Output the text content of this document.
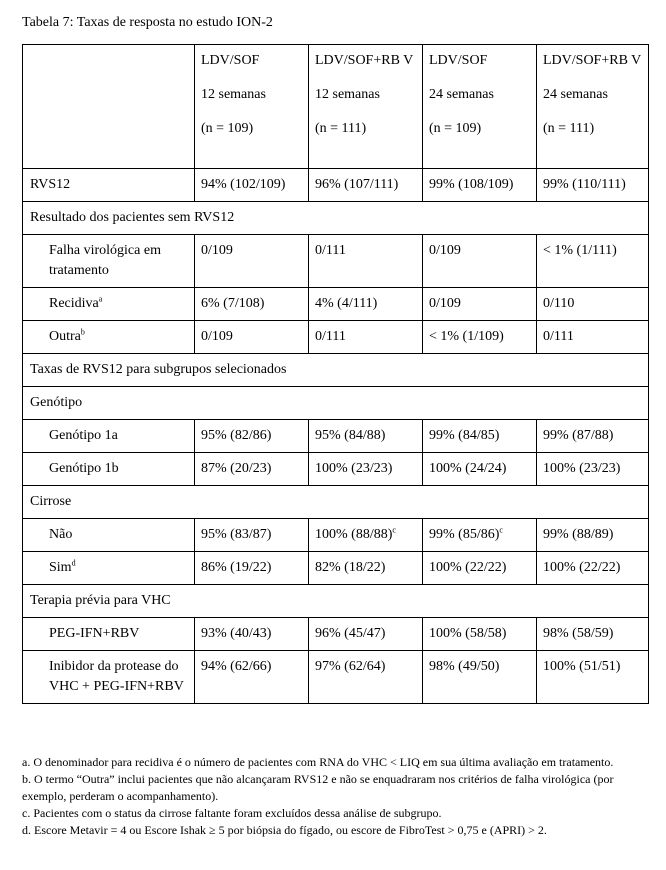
Tabela 7: Taxas de resposta no estudo ION-2

	LDV/SOF
12 semanas
(n = 109)	LDV/SOF+RB V
12 semanas
(n = 111)	LDV/SOF
24 semanas
(n = 109)	LDV/SOF+RB V
24 semanas
(n = 111)

RVS12	94% (102/109)	96% (107/111)	99% (108/109)	99% (110/111)
Resultado dos pacientes sem RVS12				
Falha virológica em tratamento	0/109	0/111	0/109	< 1% (1/111)
Recidiva$^a$	6% (7/108)	4% (4/111)	0/109	0/110
Outra$^b$	0/109	0/111	< 1% (1/109)	0/111
Taxas de RVS12 para subgrupos selecionados				
Genótipo				
Genótipo 1a	95% (82/86)	95% (84/88)	99% (84/85)	99% (87/88)
Genótipo 1b	87% (20/23)	100% (23/23)	100% (24/24)	100% (23/23)
Cirrose				
Não	95% (83/87)	100% $(88/88)^c$	99% $(85/86)^c$	99% (88/89)
Sim$^d$	86% (19/22)	82% (18/22)	100% (22/22)	100% (22/22)
Terapia prévia para VHC				
PEG-IFN+RBV	93% (40/43)	96% (45/47)	100% (58/58)	98% (58/59)
Inibidor da protease do VHC + PEG-IFN+RBV	94% (62/66)	97% (62/64)	98% (49/50)	100% (51/51)
a. O denominador para recidiva é o número de pacientes com RNA do VHC < LIQ em sua última avaliação em tratamento.
b. O termo “Outra” inclui pacientes que não alcançaram RVS12 e não se enquadraram nos critérios de falha virológica (por exemplo, perderam o acompanhamento).
c. Pacientes com o status da cirrose faltante foram excluídos dessa análise de subgrupo.
d. Escore Metavir = 4 ou Escore Ishak ≥ 5 por biópsia do fígado, ou escore de FibroTest > 0,75 e (APRI) > 2.
